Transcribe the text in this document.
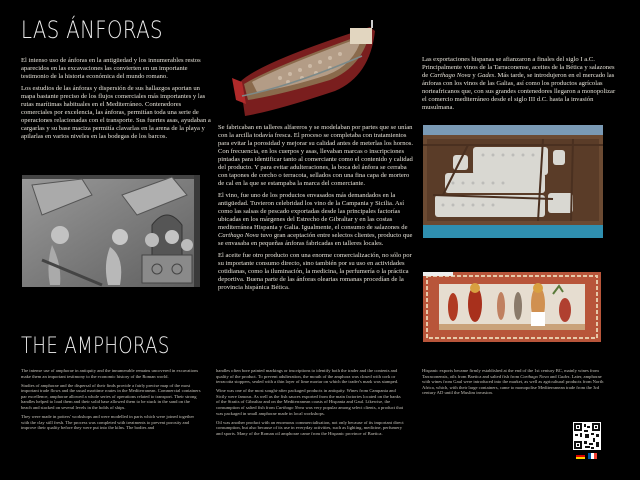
LAS ÁNFORAS

El intenso uso de ánforas en la antigüedad y los innumerables restos aparecidos en las excavaciones las convierten en un importante testimonio de la historia económica del mundo romano.

Los estudios de las ánforas y dispersión de sus hallazgos aportan un mapa bastante preciso de los flujos comerciales más importantes y las rutas marítimas habituales en el Mediterráneo. Contenedores comerciales por excelencia, las ánforas, permitían toda una serie de operaciones relacionadas con el transporte. Sus fuertes asas, ayudaban a cargarlas y su base maciza permitía clavarlas en la arena de la playa y apilarlas en varios niveles en las bodegas de los barcos.

Se fabricaban en talleres alfareros y se modelaban por partes que se unían con la arcilla todavía fresca. El proceso se completaba con tratamientos para evitar la porosidad y mejorar su calidad antes de meterlas los hornos. Con frecuencia, en los cuerpos y asas, llevaban marcas o inscripciones pintadas para identificar tanto al comerciante como el contenido y calidad del producto. Y para evitar adulteraciones, la boca del ánfora se cerraba con tapones de corcho o terracota, sellados con una fina capa de mortero de cal en la que se estampaba la marca del comerciante.

El vino, fue uno de los productos envasados más demandados en la antigüedad. Tuvieron celebridad los vino de la Campania y Sicilia. Así como las salsas de pescado exportadas desde las principales factorías ubicadas en los márgenes del Estrecho de Gibraltar y en las costas mediterránea Hispania y Galia. Igualmente, el consumo de salazones de Carthago Nova tuvo gran aceptación entre selectos clientes, producto que se envasaba en pequeñas ánforas fabricadas en talleres locales.

El aceite fue otro producto con una enorme comercialización, no sólo por su importante consumo directo, sino también por su uso en actividades cotidianas, como la iluminación, la medicina, la perfumería o la práctica deportiva. Buena parte de las ánforas olearias romanas procedían de la provincia hispánica Bética.

Las exportaciones hispanas se afianzaron a finales del siglo I a.C. Principalmente vinos de la Tarraconense, aceites de la Bética y salazones de Carthago Nova y Gades. Más tarde, se introdujeron en el mercado las ánforas con los vinos de las Galias, así como los productos agrícolas norteafricanos que, con sus grandes contenedores llegaron a monopolizar el comercio mediterráneo desde el siglo III d.C. hasta la invasión musulmana.

THE AMPHORAS

The intense use of amphorae in antiquity and the innumerable remains uncovered in excavations make them an important testimony to the economic history of the Roman world.

Studies of amphorae and the dispersal of their finds provide a fairly precise map of the most important trade flows and the usual maritime routes in the Mediterranean. Commercial containers par excellence, amphorae allowed a whole series of operations related to transport. Their strong handles helped to load them and their solid base allowed them to be stuck in the sand on the beach and stacked on several levels in the holds of ships.

They were made in potters' workshops and were modelled in parts which were joined together with the clay still fresh. The process was completed with treatments to prevent porosity and improve their quality before they were put into the kilns. The bodies and

handles often bore painted markings or inscriptions to identify both the trader and the contents and quality of the product. To prevent adulteration, the mouth of the amphora was closed with cork or terracotta stoppers, sealed with a thin layer of lime mortar on which the trader's mark was stamped.

Wine was one of the most sought-after packaged products in antiquity. Wines from Campania and Sicily were famous. As well as the fish sauces exported from the main factories located on the banks of the Straits of Gibraltar and on the Mediterranean coasts of Hispania and Gaul. Likewise, the consumption of salted fish from Carthago Nova was very popular among select clients, a product that was packaged in small amphorae made in local workshops.

Oil was another product with an enormous commercialisation, not only because of its important direct consumption, but also because of its use in everyday activities, such as lighting, medicine, perfumery and sports. Many of the Roman oil amphorae came from the Hispanic province of Baetica.

Hispanic exports became firmly established at the end of the 1st century BC, mainly wines from Tarraconensis, oils from Baetica and salted fish from Carthago Nova and Gades. Later, amphorae with wines from Gaul were introduced into the market, as well as agricultural products from North Africa, which, with their large containers, came to monopolise Mediterranean trade from the 3rd century AD until the Muslim invasion.
